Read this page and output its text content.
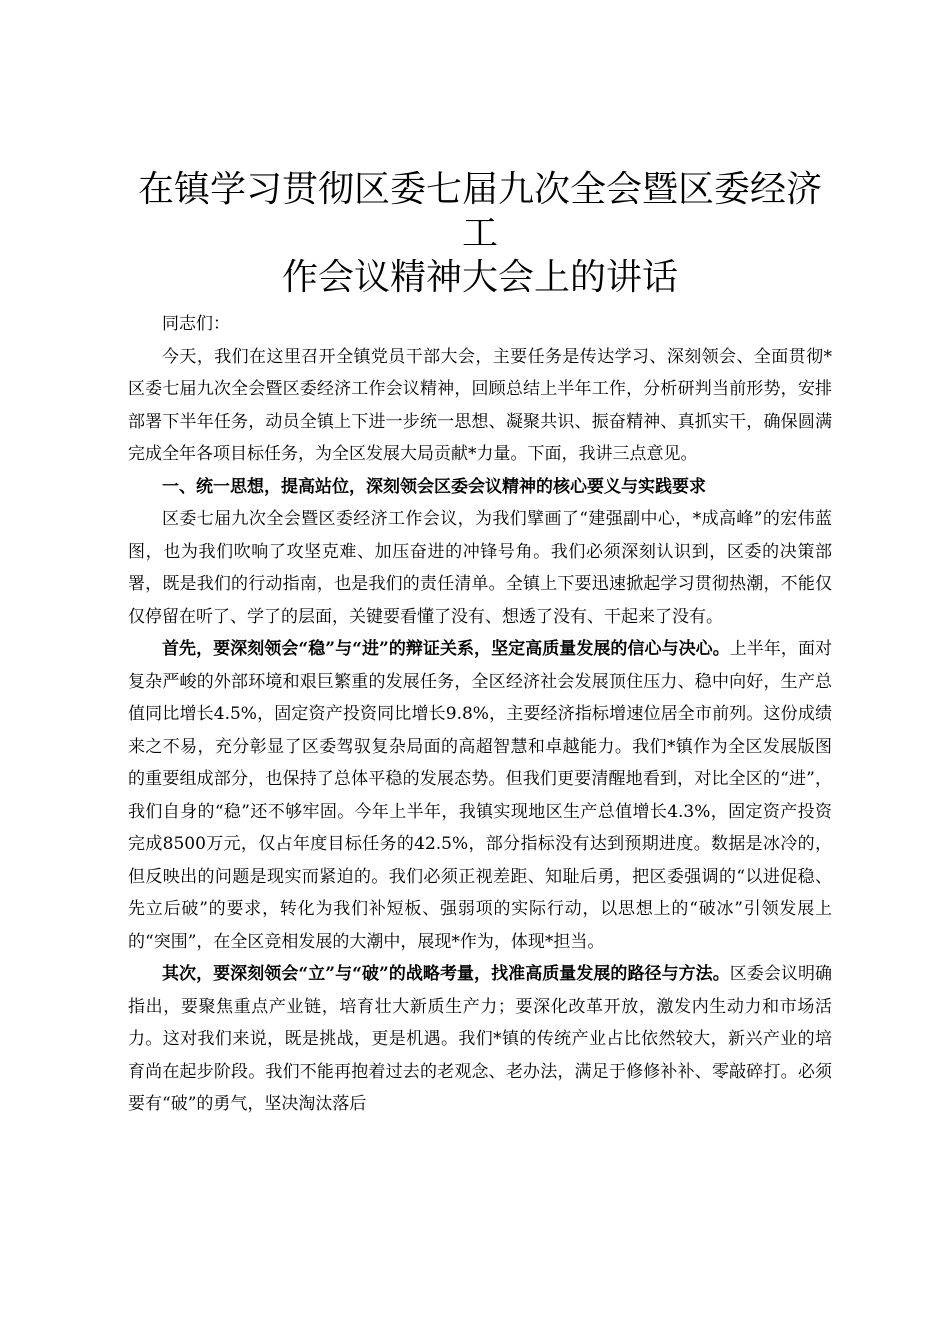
在镇学习贯彻区委七届九次全会暨区委经济工
作会议精神大会上的讲话

同志们：

今天，我们在这里召开全镇党员干部大会，主要任务是传达学习、深刻领会、全面贯彻*区委七届九次全会暨区委经济工作会议精神，回顾总结上半年工作，分析研判当前形势，安排部署下半年任务，动员全镇上下进一步统一思想、凝聚共识、振奋精神、真抓实干，确保圆满完成全年各项目标任务，为全区发展大局贡献*力量。下面，我讲三点意见。

一、统一思想，提高站位，深刻领会区委会议精神的核心要义与实践要求

区委七届九次全会暨区委经济工作会议，为我们擘画了“建强副中心，*成高峰”的宏伟蓝图，也为我们吹响了攻坚克难、加压奋进的冲锋号角。我们必须深刻认识到，区委的决策部署，既是我们的行动指南，也是我们的责任清单。全镇上下要迅速掀起学习贯彻热潮，不能仅仅停留在听了、学了的层面，关键要看懂了没有、想透了没有、干起来了没有。

首先，要深刻领会“稳”与“进”的辩证关系，坚定高质量发展的信心与决心。上半年，面对复杂严峻的外部环境和艰巨繁重的发展任务，全区经济社会发展顶住压力、稳中向好，生产总值同比增长4.5%，固定资产投资同比增长9.8%，主要经济指标增速位居全市前列。这份成绩来之不易，充分彰显了区委驾驭复杂局面的高超智慧和卓越能力。我们*镇作为全区发展版图的重要组成部分，也保持了总体平稳的发展态势。但我们更要清醒地看到，对比全区的“进”，我们自身的“稳”还不够牢固。今年上半年，我镇实现地区生产总值增长4.3%，固定资产投资完成8500万元，仅占年度目标任务的42.5%，部分指标没有达到预期进度。数据是冰冷的，但反映出的问题是现实而紧迫的。我们必须正视差距、知耻后勇，把区委强调的“以进促稳、先立后破”的要求，转化为我们补短板、强弱项的实际行动，以思想上的“破冰”引领发展上的“突围”，在全区竞相发展的大潮中，展现*作为，体现*担当。

其次，要深刻领会“立”与“破”的战略考量，找准高质量发展的路径与方法。区委会议明确指出，要聚焦重点产业链，培育壮大新质生产力；要深化改革开放，激发内生动力和市场活力。这对我们来说，既是挑战，更是机遇。我们*镇的传统产业占比依然较大，新兴产业的培育尚在起步阶段。我们不能再抱着过去的老观念、老办法，满足于修修补补、零敲碎打。必须要有“破”的勇气，坚决淘汰落后
